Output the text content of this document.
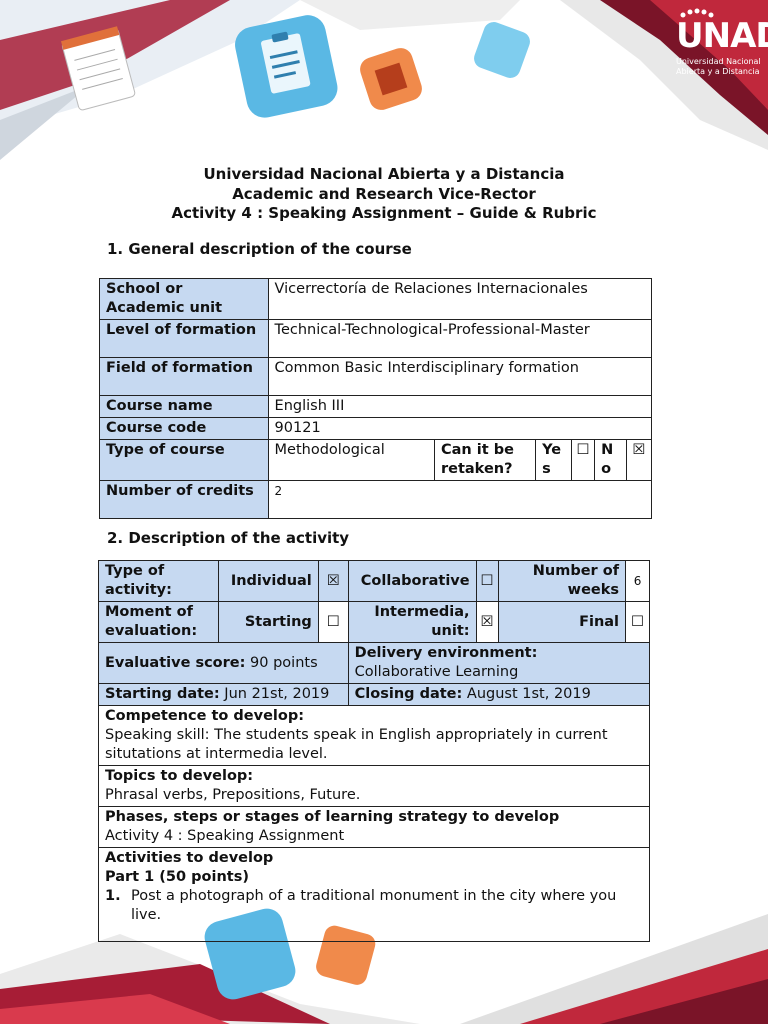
UNAD
Universidad Nacional
Abierta y a Distancia
Universidad Nacional Abierta y a Distancia
Academic and Research Vice-Rector
Activity 4 : Speaking Assignment – Guide & Rubric
1. General description of the course
School or Academic unit	Vicerrectoría de Relaciones Internacionales					
Level of formation	Technical-Technological-Professional-Master					
Field of formation	Common Basic Interdisciplinary formation					
Course name	English III					
Course code	90121					
Type of course	Methodological	Can it be retaken?	Ye s	☐	N o	☒
Number of credits	2					
2. Description of the activity
Type of activity:	Individual	☒	Collaborative	☐	Number of weeks	6
Moment of evaluation:	Starting	☐	Intermedia, unit:	☒	Final	☐
Evaluative score: 90 points			Delivery environment:
Collaborative Learning			

Starting date: Jun 21st, 2019			Closing date: August 1st, 2019			

Competence to develop:
Speaking skill: The students speak in English appropriately in current situtations at intermedia level.						

Topics to develop:
Phrasal verbs, Prepositions, Future.						

Phases, steps or stages of learning strategy to develop
Activity 4 : Speaking Assignment						

Activities to develop
Part 1 (50 points)
1. Post a photograph of a traditional monument in the city where you live.						
